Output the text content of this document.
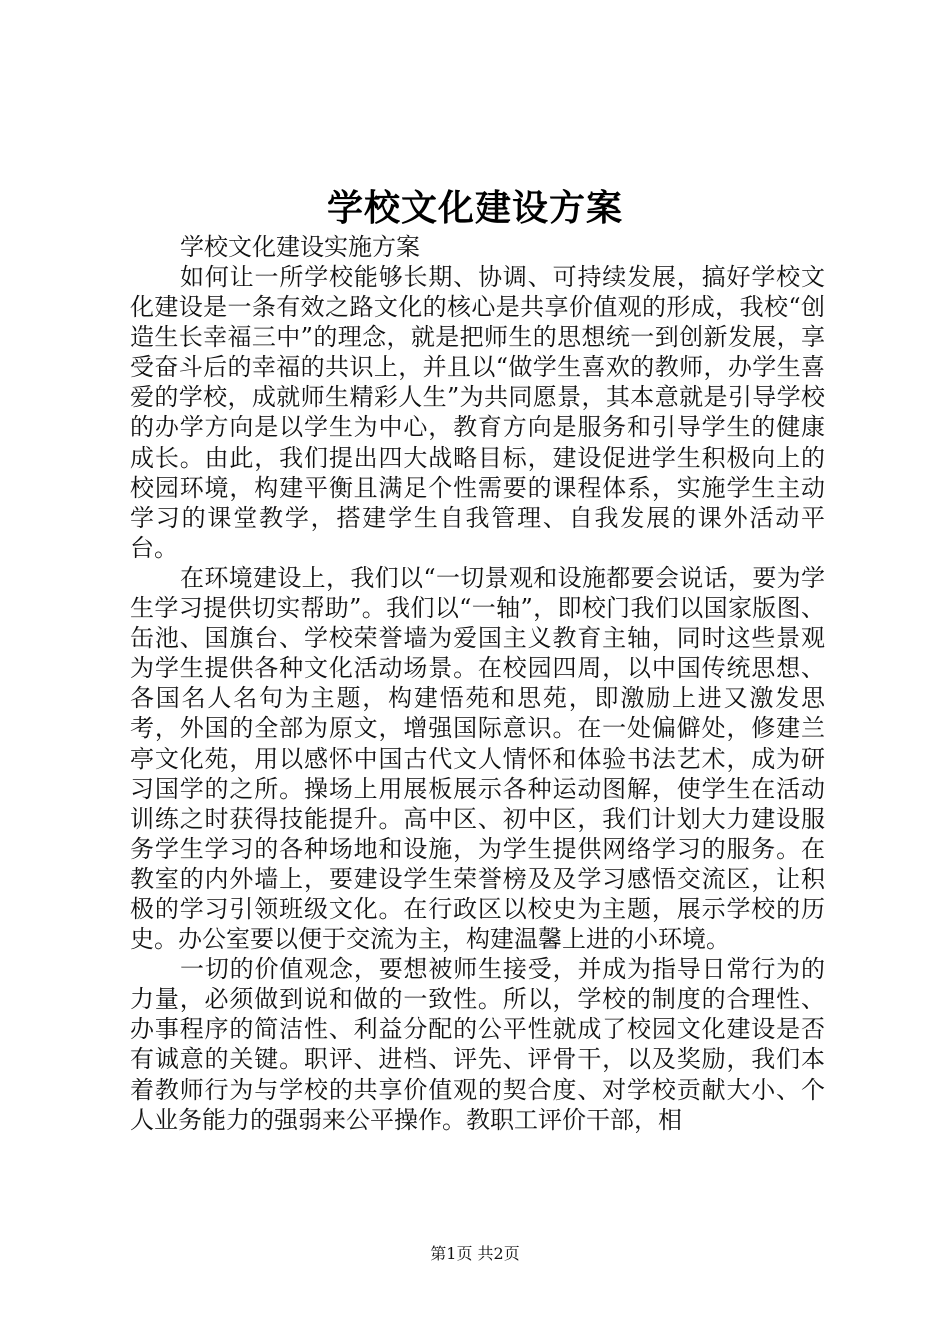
学校文化建设方案

学校文化建设实施方案

如何让一所学校能够长期、协调、可持续发展，搞好学校文化建设是一条有效之路文化的核心是共享价值观的形成，我校“创造生长幸福三中”的理念，就是把师生的思想统一到创新发展，享受奋斗后的幸福的共识上，并且以“做学生喜欢的教师，办学生喜爱的学校，成就师生精彩人生”为共同愿景，其本意就是引导学校的办学方向是以学生为中心，教育方向是服务和引导学生的健康成长。由此，我们提出四大战略目标，建设促进学生积极向上的校园环境，构建平衡且满足个性需要的课程体系，实施学生主动学习的课堂教学，搭建学生自我管理、自我发展的课外活动平台。

在环境建设上，我们以“一切景观和设施都要会说话，要为学生学习提供切实帮助”。我们以“一轴”，即校门我们以国家版图、缶池、国旗台、学校荣誉墙为爱国主义教育主轴，同时这些景观为学生提供各种文化活动场景。在校园四周，以中国传统思想、各国名人名句为主题，构建悟苑和思苑，即激励上进又激发思考，外国的全部为原文，增强国际意识。在一处偏僻处，修建兰亭文化苑，用以感怀中国古代文人情怀和体验书法艺术，成为研习国学的之所。操场上用展板展示各种运动图解，使学生在活动训练之时获得技能提升。高中区、初中区，我们计划大力建设服务学生学习的各种场地和设施，为学生提供网络学习的服务。在教室的内外墙上，要建设学生荣誉榜及及学习感悟交流区，让积极的学习引领班级文化。在行政区以校史为主题，展示学校的历史。办公室要以便于交流为主，构建温馨上进的小环境。

一切的价值观念，要想被师生接受，并成为指导日常行为的力量，必须做到说和做的一致性。所以，学校的制度的合理性、办事程序的简洁性、利益分配的公平性就成了校园文化建设是否有诚意的关键。职评、进档、评先、评骨干，以及奖励，我们本着教师行为与学校的共享价值观的契合度、对学校贡献大小、个人业务能力的强弱来公平操作。教职工评价干部，相

第1页 共2页
